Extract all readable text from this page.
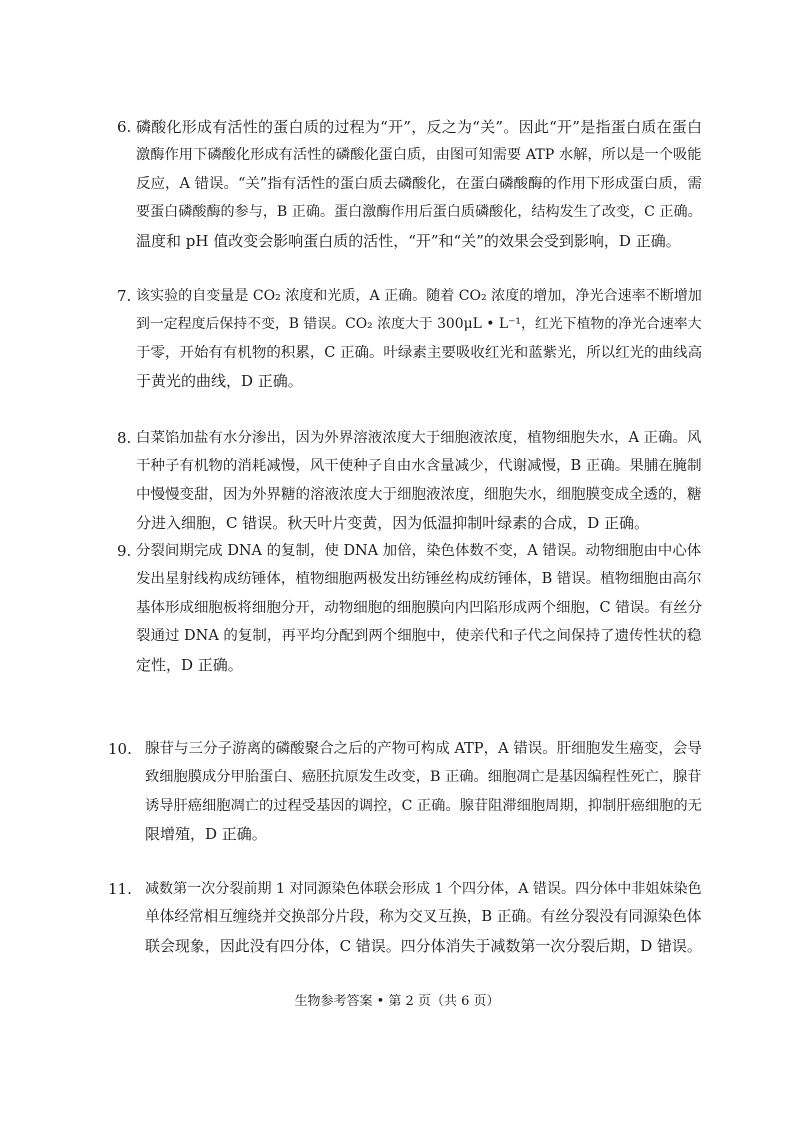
6. 磷酸化形成有活性的蛋白质的过程为“开”，反之为“关”。因此“开”是指蛋白质在蛋白
激酶作用下磷酸化形成有活性的磷酸化蛋白质，由图可知需要 ATP 水解，所以是一个吸能
反应，A 错误。“关”指有活性的蛋白质去磷酸化，在蛋白磷酸酶的作用下形成蛋白质，需
要蛋白磷酸酶的参与，B 正确。蛋白激酶作用后蛋白质磷酸化，结构发生了改变，C 正确。
温度和 pH 值改变会影响蛋白质的活性，“开”和“关”的效果会受到影响，D 正确。
7. 该实验的自变量是 CO₂ 浓度和光质，A 正确。随着 CO₂ 浓度的增加，净光合速率不断增加
到一定程度后保持不变，B 错误。CO₂ 浓度大于 300μL • L⁻¹，红光下植物的净光合速率大
于零，开始有有机物的积累，C 正确。叶绿素主要吸收红光和蓝紫光，所以红光的曲线高
于黄光的曲线，D 正确。
8. 白菜馅加盐有水分渗出，因为外界溶液浓度大于细胞液浓度，植物细胞失水，A 正确。风
干种子有机物的消耗减慢，风干使种子自由水含量减少，代谢减慢，B 正确。果脯在腌制
中慢慢变甜，因为外界糖的溶液浓度大于细胞液浓度，细胞失水，细胞膜变成全透的，糖
分进入细胞，C 错误。秋天叶片变黄，因为低温抑制叶绿素的合成，D 正确。
9. 分裂间期完成 DNA 的复制，使 DNA 加倍，染色体数不变，A 错误。动物细胞由中心体
发出星射线构成纺锤体，植物细胞两极发出纺锤丝构成纺锤体，B 错误。植物细胞由高尔
基体形成细胞板将细胞分开，动物细胞的细胞膜向内凹陷形成两个细胞，C 错误。有丝分
裂通过 DNA 的复制，再平均分配到两个细胞中，使亲代和子代之间保持了遗传性状的稳
定性，D 正确。
10. 腺苷与三分子游离的磷酸聚合之后的产物可构成 ATP，A 错误。肝细胞发生癌变，会导
致细胞膜成分甲胎蛋白、癌胚抗原发生改变，B 正确。细胞凋亡是基因编程性死亡，腺苷
诱导肝癌细胞凋亡的过程受基因的调控，C 正确。腺苷阻滞细胞周期，抑制肝癌细胞的无
限增殖，D 正确。
11. 减数第一次分裂前期 1 对同源染色体联会形成 1 个四分体，A 错误。四分体中非姐妹染色
单体经常相互缠绕并交换部分片段，称为交叉互换，B 正确。有丝分裂没有同源染色体
联会现象，因此没有四分体，C 错误。四分体消失于减数第一次分裂后期，D 错误。
生物参考答案 • 第 2 页（共 6 页）
